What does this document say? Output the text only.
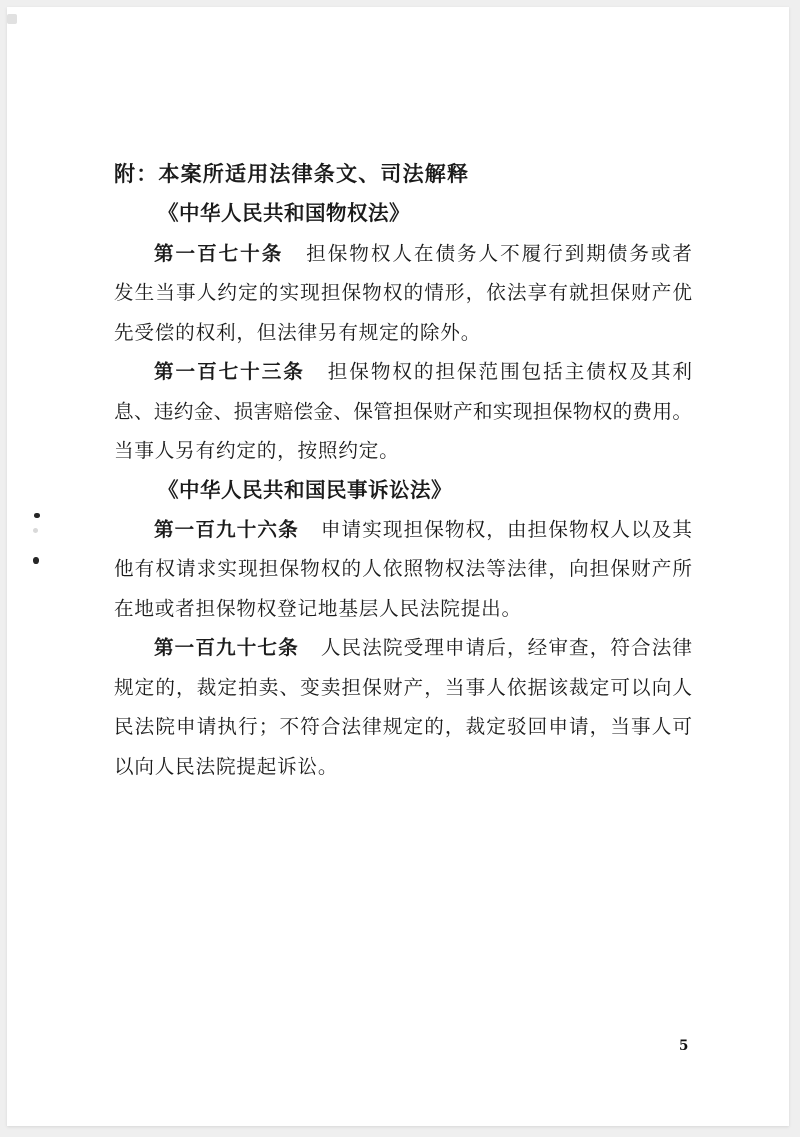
附：本案所适用法律条文、司法解释
《中华人民共和国物权法》
第一百七十条 担保物权人在债务人不履行到期债务或者
发生当事人约定的实现担保物权的情形，依法享有就担保财产优
先受偿的权利，但法律另有规定的除外。
第一百七十三条 担保物权的担保范围包括主债权及其利
息、违约金、损害赔偿金、保管担保财产和实现担保物权的费用。
当事人另有约定的，按照约定。
《中华人民共和国民事诉讼法》
第一百九十六条 申请实现担保物权，由担保物权人以及其
他有权请求实现担保物权的人依照物权法等法律，向担保财产所
在地或者担保物权登记地基层人民法院提出。
第一百九十七条 人民法院受理申请后，经审查，符合法律
规定的，裁定拍卖、变卖担保财产，当事人依据该裁定可以向人
民法院申请执行；不符合法律规定的，裁定驳回申请，当事人可
以向人民法院提起诉讼。
5
